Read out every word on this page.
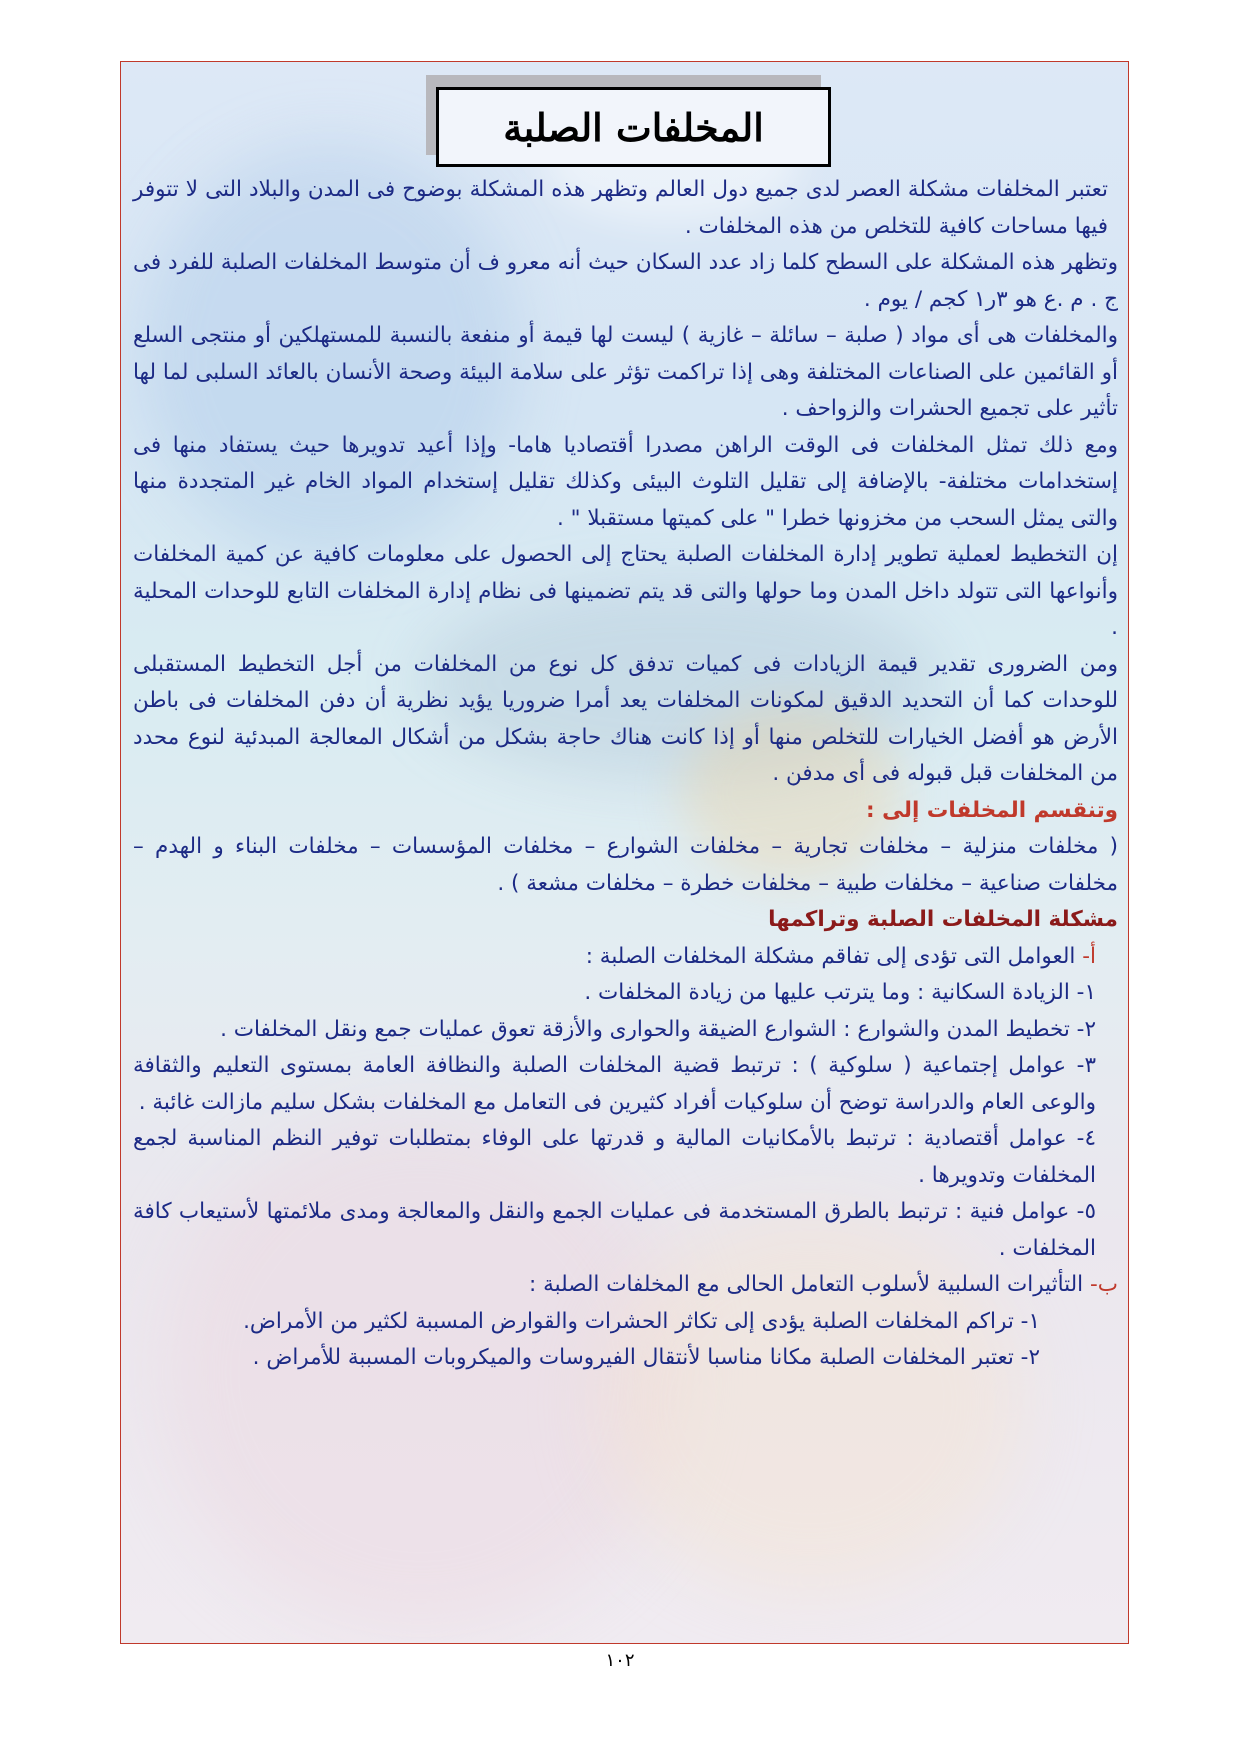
المخلفات الصلبة

تعتبر المخلفات مشكلة العصر لدى جميع دول العالم وتظهر هذه المشكلة بوضوح فى المدن والبلاد التى لا تتوفر فيها مساحات كافية للتخلص من هذه المخلفات .

وتظهر هذه المشكلة على السطح كلما زاد عدد السكان حيث أنه معرو ف أن متوسط المخلفات الصلبة للفرد فى ج . م .ع هو ٣ر١ كجم / يوم .

والمخلفات هى أى مواد ( صلبة – سائلة – غازية ) ليست لها قيمة أو منفعة بالنسبة للمستهلكين أو منتجى السلع أو القائمين على الصناعات المختلفة وهى إذا تراكمت تؤثر على سلامة البيئة وصحة الأنسان بالعائد السلبى لما لها تأثير على تجميع الحشرات والزواحف .

ومع ذلك تمثل المخلفات فى الوقت الراهن مصدرا أقتصاديا هاما- وإذا أعيد تدويرها حيث يستفاد منها فى إستخدامات مختلفة- بالإضافة إلى تقليل التلوث البيئى وكذلك تقليل إستخدام المواد الخام غير المتجددة منها والتى يمثل السحب من مخزونها خطرا " على كميتها مستقبلا " .

إن التخطيط لعملية تطوير إدارة المخلفات الصلبة يحتاج إلى الحصول على معلومات كافية عن كمية المخلفات وأنواعها التى تتولد داخل المدن وما حولها والتى قد يتم تضمينها فى نظام إدارة المخلفات التابع للوحدات المحلية .

ومن الضرورى تقدير قيمة الزيادات فى كميات تدفق كل نوع من المخلفات من أجل التخطيط المستقبلى للوحدات كما أن التحديد الدقيق لمكونات المخلفات يعد أمرا ضروريا يؤيد نظرية أن دفن المخلفات فى باطن الأرض هو أفضل الخيارات للتخلص منها أو إذا كانت هناك حاجة بشكل من أشكال المعالجة المبدئية لنوع محدد من المخلفات قبل قبوله فى أى مدفن .

وتنقسم المخلفات إلى :

( مخلفات منزلية – مخلفات تجارية – مخلفات الشوارع – مخلفات المؤسسات – مخلفات البناء و الهدم – مخلفات صناعية – مخلفات طبية – مخلفات خطرة – مخلفات مشعة ) .

مشكلة المخلفات الصلبة وتراكمها

أ- العوامل التى تؤدى إلى تفاقم مشكلة المخلفات الصلبة :

١- الزيادة السكانية : وما يترتب عليها من زيادة المخلفات .

٢- تخطيط المدن والشوارع : الشوارع الضيقة والحوارى والأزقة تعوق عمليات جمع ونقل المخلفات .

٣- عوامل إجتماعية ( سلوكية ) : ترتبط قضية المخلفات الصلبة والنظافة العامة بمستوى التعليم والثقافة والوعى العام والدراسة توضح أن سلوكيات أفراد كثيرين فى التعامل مع المخلفات بشكل سليم مازالت غائبة .

٤- عوامل أقتصادية : ترتبط بالأمكانيات المالية و قدرتها على الوفاء بمتطلبات توفير النظم المناسبة لجمع المخلفات وتدويرها .

٥- عوامل فنية : ترتبط بالطرق المستخدمة فى عمليات الجمع والنقل والمعالجة ومدى ملائمتها لأستيعاب كافة المخلفات .

ب- التأثيرات السلبية لأسلوب التعامل الحالى مع المخلفات الصلبة :

١- تراكم المخلفات الصلبة يؤدى إلى تكاثر الحشرات والقوارض المسببة لكثير من الأمراض.

٢- تعتبر المخلفات الصلبة مكانا مناسبا لأنتقال الفيروسات والميكروبات المسببة للأمراض .

١٠٢
